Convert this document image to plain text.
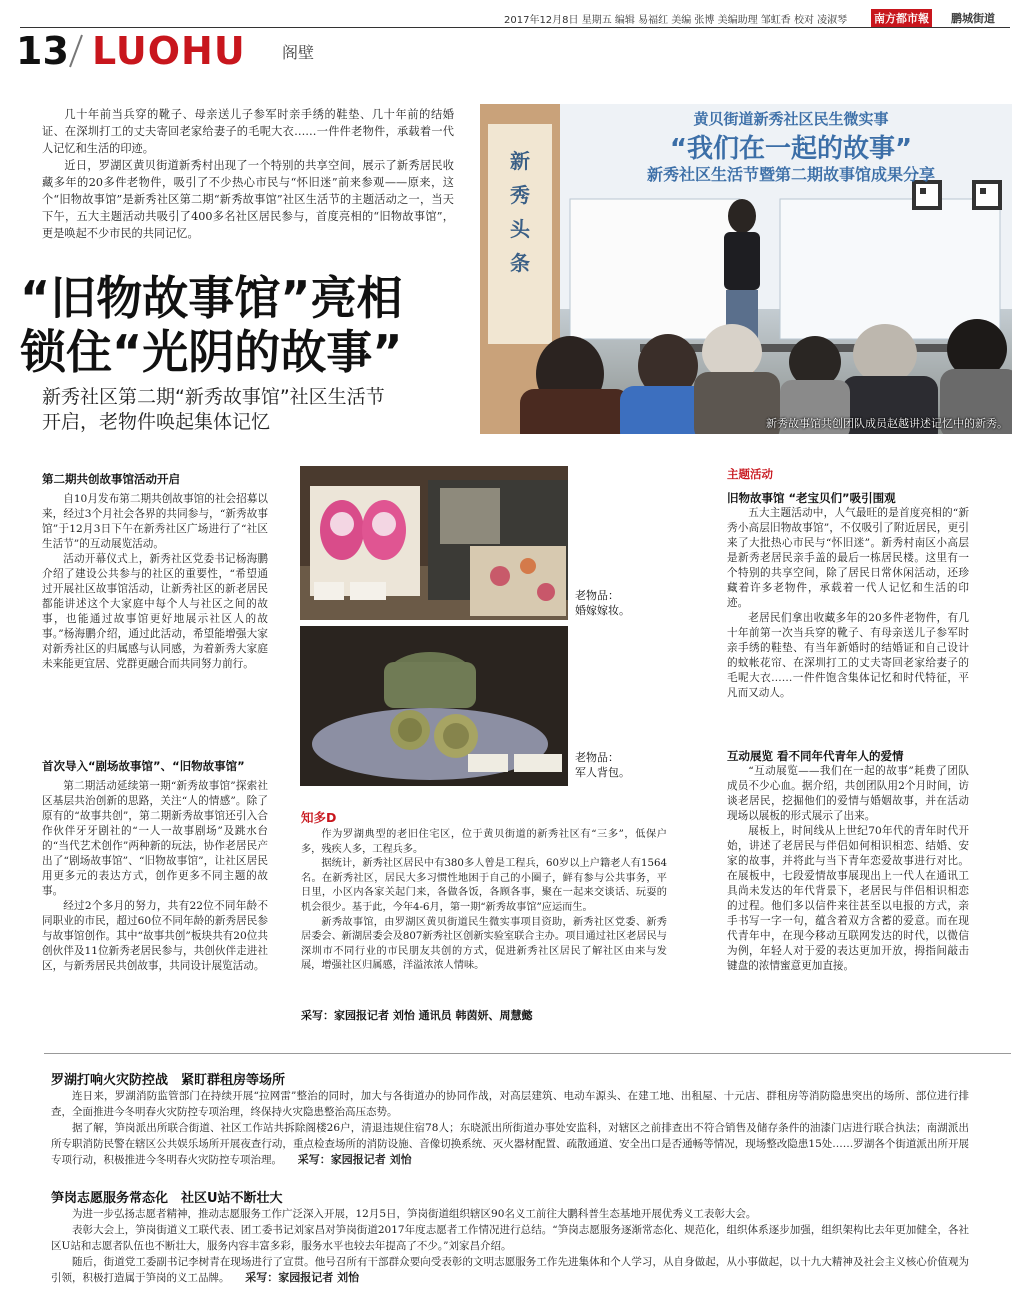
2017年12月8日 星期五 编辑 易福红 美编 张博 美编助理 邹虹香 校对 凌淑琴 南方都市報 鹏城街道
13 LUOHU 阁壁

几十年前当兵穿的靴子、母亲送儿子参军时亲手绣的鞋垫、几十年前的结婚证、在深圳打工的丈夫寄回老家给妻子的毛呢大衣……一件件老物件，承载着一代人记忆和生活的印迹。

近日，罗湖区黄贝街道新秀村出现了一个特别的共享空间，展示了新秀居民收藏多年的20多件老物件，吸引了不少热心市民与“怀旧迷”前来参观——原来，这个“旧物故事馆”是新秀社区第二期“新秀故事馆”社区生活节的主题活动之一，当天下午，五大主题活动共吸引了400多名社区居民参与，首度亮相的“旧物故事馆”，更是唤起不少市民的共同记忆。

“旧物故事馆”亮相
锁住“光阴的故事”
新秀社区第二期“新秀故事馆”社区生活节
开启，老物件唤起集体记忆
黄贝街道新秀社区民生微实事
“我们在一起的故事”
新秀社区生活节暨第二期故事馆成果分享
新秀头条
新秀故事馆共创团队成员赵越讲述记忆中的新秀。
第二期共创故事馆活动开启

自10月发布第二期共创故事馆的社会招募以来，经过3个月社会各界的共同参与，“新秀故事馆”于12月3日下午在新秀社区广场进行了“社区生活节”的互动展览活动。

活动开幕仪式上，新秀社区党委书记杨海鹏介绍了建设公共参与的社区的重要性，“希望通过开展社区故事馆活动，让新秀社区的新老居民都能讲述这个大家庭中每个人与社区之间的故事，也能通过故事馆更好地展示社区人的故事。”杨海鹏介绍，通过此活动，希望能增强大家对新秀社区的归属感与认同感，为着新秀大家庭未来能更宜居、党群更融合而共同努力前行。

首次导入“剧场故事馆”、“旧物故事馆”

第二期活动延续第一期“新秀故事馆”探索社区基层共治创新的思路，关注“人的情感”。除了原有的“故事共创”，第二期新秀故事馆还引入合作伙伴牙牙剧社的“一人一故事剧场”及跳水台的“当代艺术创作”两种新的玩法，协作老居民产出了“剧场故事馆”、“旧物故事馆”，让社区居民用更多元的表达方式，创作更多不同主题的故事。

经过2个多月的努力，共有22位不同年龄不同职业的市民，超过60位不同年龄的新秀居民参与故事馆创作。其中“故事共创”板块共有20位共创伙伴及11位新秀老居民参与，共创伙伴走进社区，与新秀居民共创故事，共同设计展览活动。

老物品：
婚嫁嫁妆。
老物品：
军人背包。
知多D

作为罗湖典型的老旧住宅区，位于黄贝街道的新秀社区有“三多”，低保户多，残疾人多，工程兵多。

据统计，新秀社区居民中有380多人曾是工程兵，60岁以上户籍老人有1564名。在新秀社区，居民大多习惯性地困于自己的小圈子，鲜有参与公共事务，平日里，小区内各家关起门来，各做各饭，各顾各事，聚在一起来交谈话、玩耍的机会很少。基于此，今年4-6月，第一期“新秀故事馆”应运而生。

新秀故事馆，由罗湖区黄贝街道民生微实事项目资助，新秀社区党委、新秀居委会、新湖居委会及807新秀社区创新实验室联合主办。项目通过社区老居民与深圳市不同行业的市民朋友共创的方式，促进新秀社区居民了解社区由来与发展，增强社区归属感，洋溢浓浓人情味。

采写：家园报记者 刘怡 通讯员 韩茵妍、周慧懿
主题活动
旧物故事馆 “老宝贝们”吸引围观

五大主题活动中，人气最旺的是首度亮相的“新秀小高层旧物故事馆”，不仅吸引了附近居民，更引来了大批热心市民与“怀旧迷”。新秀村南区小高层是新秀老居民亲手盖的最后一栋居民楼。这里有一个特别的共享空间，除了居民日常休闲活动，还珍藏着许多老物件，承载着一代人记忆和生活的印迹。

老居民们拿出收藏多年的20多件老物件，有几十年前第一次当兵穿的靴子、有母亲送儿子参军时亲手绣的鞋垫、有当年新婚时的结婚证和自己设计的蚊帐花帘、在深圳打工的丈夫寄回老家给妻子的毛呢大衣……一件件饱含集体记忆和时代特征，平凡而又动人。

互动展览 看不同年代青年人的爱情

“互动展览——我们在一起的故事”耗费了团队成员不少心血。据介绍，共创团队用2个月时间，访谈老居民，挖掘他们的爱情与婚姻故事，并在活动现场以展板的形式展示了出来。

展板上，时间线从上世纪70年代的青年时代开始，讲述了老居民与伴侣如何相识相恋、结婚、安家的故事，并将此与当下青年恋爱故事进行对比。在展板中，七段爱情故事展现出上一代人在通讯工具尚未发达的年代背景下，老居民与伴侣相识相恋的过程。他们多以信件来往甚至以电报的方式，亲手书写一字一句，蕴含着双方含蓄的爱意。而在现代青年中，在现今移动互联网发达的时代，以微信为例，年轻人对于爱的表达更加开放，拇指间敲击键盘的浓情蜜意更加直接。

罗湖打响火灾防控战　紧盯群租房等场所

连日来，罗湖消防监管部门在持续开展“拉网雷”整治的同时，加大与各街道办的协同作战，对高层建筑、电动车源头、在建工地、出租屋、十元店、群租房等消防隐患突出的场所、部位进行排查，全面推进今冬明春火灾防控专项治理，终保持火灾隐患整治高压态势。

据了解，笋岗派出所联合街道、社区工作站共拆除阁楼26户，清退违规住宿78人；东晓派出所街道办事处安监科，对辖区之前排查出不符合销售及储存条件的油漆门店进行联合执法；南湖派出所专职消防民警在辖区公共娱乐场所开展夜查行动，重点检查场所的消防设施、音像切换系统、灭火器材配置、疏散通道、安全出口是否通畅等情况，现场整改隐患15处……罗湖各个街道派出所开展专项行动，积极推进今冬明春火灾防控专项治理。　　 采写：家园报记者 刘怡

笋岗志愿服务常态化　社区U站不断壮大

为进一步弘扬志愿者精神，推动志愿服务工作广泛深入开展，12月5日，笋岗街道组织辖区90名义工前往大鹏科普生态基地开展优秀义工表彰大会。

表彰大会上，笋岗街道义工联代表、团工委书记刘家昌对笋岗街道2017年度志愿者工作情况进行总结。“笋岗志愿服务逐渐常态化、规范化，组织体系逐步加强，组织架构比去年更加健全，各社区U站和志愿者队伍也不断壮大，服务内容丰富多彩，服务水平也较去年提高了不少。”刘家昌介绍。

随后，街道党工委副书记李树青在现场进行了宣贯。他号召所有干部群众要向受表彰的文明志愿服务工作先进集体和个人学习，从自身做起，从小事做起，以十九大精神及社会主义核心价值观为引领，积极打造属于笋岗的义工品牌。　　 采写：家园报记者 刘怡
